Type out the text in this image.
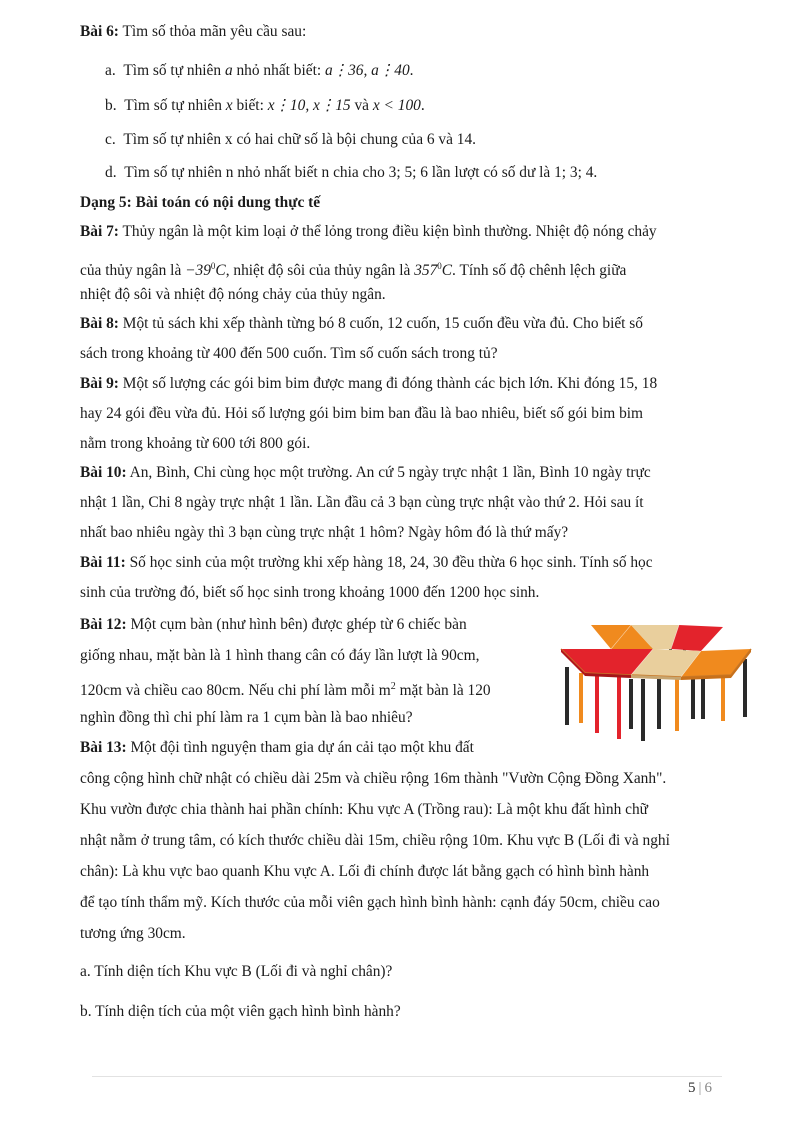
Bài 6: Tìm số thỏa mãn yêu cầu sau:

a. Tìm số tự nhiên a nhỏ nhất biết: a⋮36, a⋮40.

b. Tìm số tự nhiên x biết: x⋮10, x⋮15 và x < 100.

c. Tìm số tự nhiên x có hai chữ số là bội chung của 6 và 14.

d. Tìm số tự nhiên n nhỏ nhất biết n chia cho 3; 5; 6 lần lượt có số dư là 1; 3; 4.

Dạng 5: Bài toán có nội dung thực tế

Bài 7: Thủy ngân là một kim loại ở thể lỏng trong điều kiện bình thường. Nhiệt độ nóng chảy

của thủy ngân là $-39^0C$, nhiệt độ sôi của thủy ngân là $357^0C$. Tính số độ chênh lệch giữa

nhiệt độ sôi và nhiệt độ nóng chảy của thủy ngân.

Bài 8: Một tủ sách khi xếp thành từng bó 8 cuốn, 12 cuốn, 15 cuốn đều vừa đủ. Cho biết số

sách trong khoảng từ 400 đến 500 cuốn. Tìm số cuốn sách trong tủ?

Bài 9: Một số lượng các gói bim bim được mang đi đóng thành các bịch lớn. Khi đóng 15, 18

hay 24 gói đều vừa đủ. Hỏi số lượng gói bim bim ban đầu là bao nhiêu, biết số gói bim bim

nằm trong khoảng từ 600 tới 800 gói.

Bài 10: An, Bình, Chi cùng học một trường. An cứ 5 ngày trực nhật 1 lần, Bình 10 ngày trực

nhật 1 lần, Chi 8 ngày trực nhật 1 lần. Lần đầu cả 3 bạn cùng trực nhật vào thứ 2. Hỏi sau ít

nhất bao nhiêu ngày thì 3 bạn cùng trực nhật 1 hôm? Ngày hôm đó là thứ mấy?

Bài 11: Số học sinh của một trường khi xếp hàng 18, 24, 30 đều thừa 6 học sinh. Tính số học

sinh của trường đó, biết số học sinh trong khoảng 1000 đến 1200 học sinh.

Bài 12: Một cụm bàn (như hình bên) được ghép từ 6 chiếc bàn

giống nhau, mặt bàn là 1 hình thang cân có đáy lần lượt là 90cm,

120cm và chiều cao 80cm. Nếu chi phí làm mỗi $m^2$ mặt bàn là 120

nghìn đồng thì chi phí làm ra 1 cụm bàn là bao nhiêu?

Bài 13: Một đội tình nguyện tham gia dự án cải tạo một khu đất

công cộng hình chữ nhật có chiều dài 25m và chiều rộng 16m thành "Vườn Cộng Đồng Xanh".

Khu vườn được chia thành hai phần chính: Khu vực A (Trồng rau): Là một khu đất hình chữ

nhật nằm ở trung tâm, có kích thước chiều dài 15m, chiều rộng 10m. Khu vực B (Lối đi và nghỉ

chân): Là khu vực bao quanh Khu vực A. Lối đi chính được lát bằng gạch có hình bình hành

để tạo tính thẩm mỹ. Kích thước của mỗi viên gạch hình bình hành: cạnh đáy 50cm, chiều cao

tương ứng 30cm.

a. Tính diện tích Khu vực B (Lối đi và nghỉ chân)?

b. Tính diện tích của một viên gạch hình bình hành?

5 | 6
